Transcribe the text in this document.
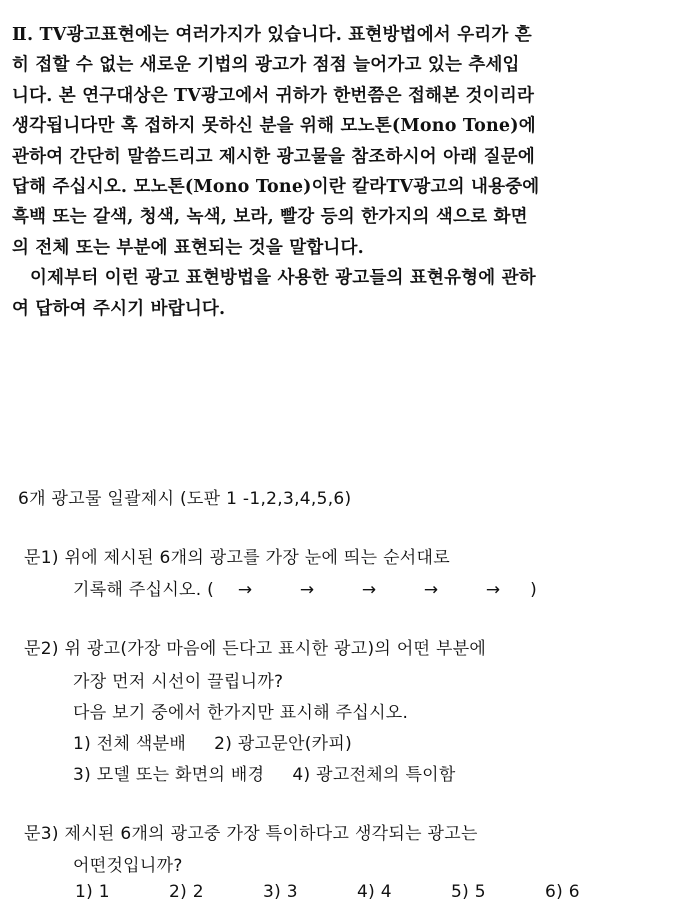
Ⅱ. TV광고표현에는 여러가지가 있습니다. 표현방법에서 우리가 흔
히 접할 수 없는 새로운 기법의 광고가 점점 늘어가고 있는 추세입
니다. 본 연구대상은 TV광고에서 귀하가 한번쯤은 접해본 것이리라
생각됩니다만 혹 접하지 못하신 분을 위해 모노톤(Mono Tone)에
관하여 간단히 말씀드리고 제시한 광고물을 참조하시어 아래 질문에
답해 주십시오. 모노톤(Mono Tone)이란 칼라TV광고의 내용중에
흑백 또는 갈색, 청색, 녹색, 보라, 빨강 등의 한가지의 색으로 화면
의 전체 또는 부분에 표현되는 것을 말합니다.
이제부터 이런 광고 표현방법을 사용한 광고들의 표현유형에 관하
여 답하여 주시기 바랍니다.
6개 광고물 일괄제시 (도판 1 -1,2,3,4,5,6)
문1) 위에 제시된 6개의 광고를 가장 눈에 띄는 순서대로
기록해 주십시오. ( →	→	→	→	→ )
문2) 위 광고(가장 마음에 든다고 표시한 광고)의 어떤 부분에
가장 먼저 시선이 끌립니까?
다음 보기 중에서 한가지만 표시해 주십시오.
1) 전체 색분배 2) 광고문안(카피)
3) 모델 또는 화면의 배경 4) 광고전체의 특이함
문3) 제시된 6개의 광고중 가장 특이하다고 생각되는 광고는
어떤것입니까?
1) 1	2) 2	3) 3	4) 4	5) 5	6) 6
